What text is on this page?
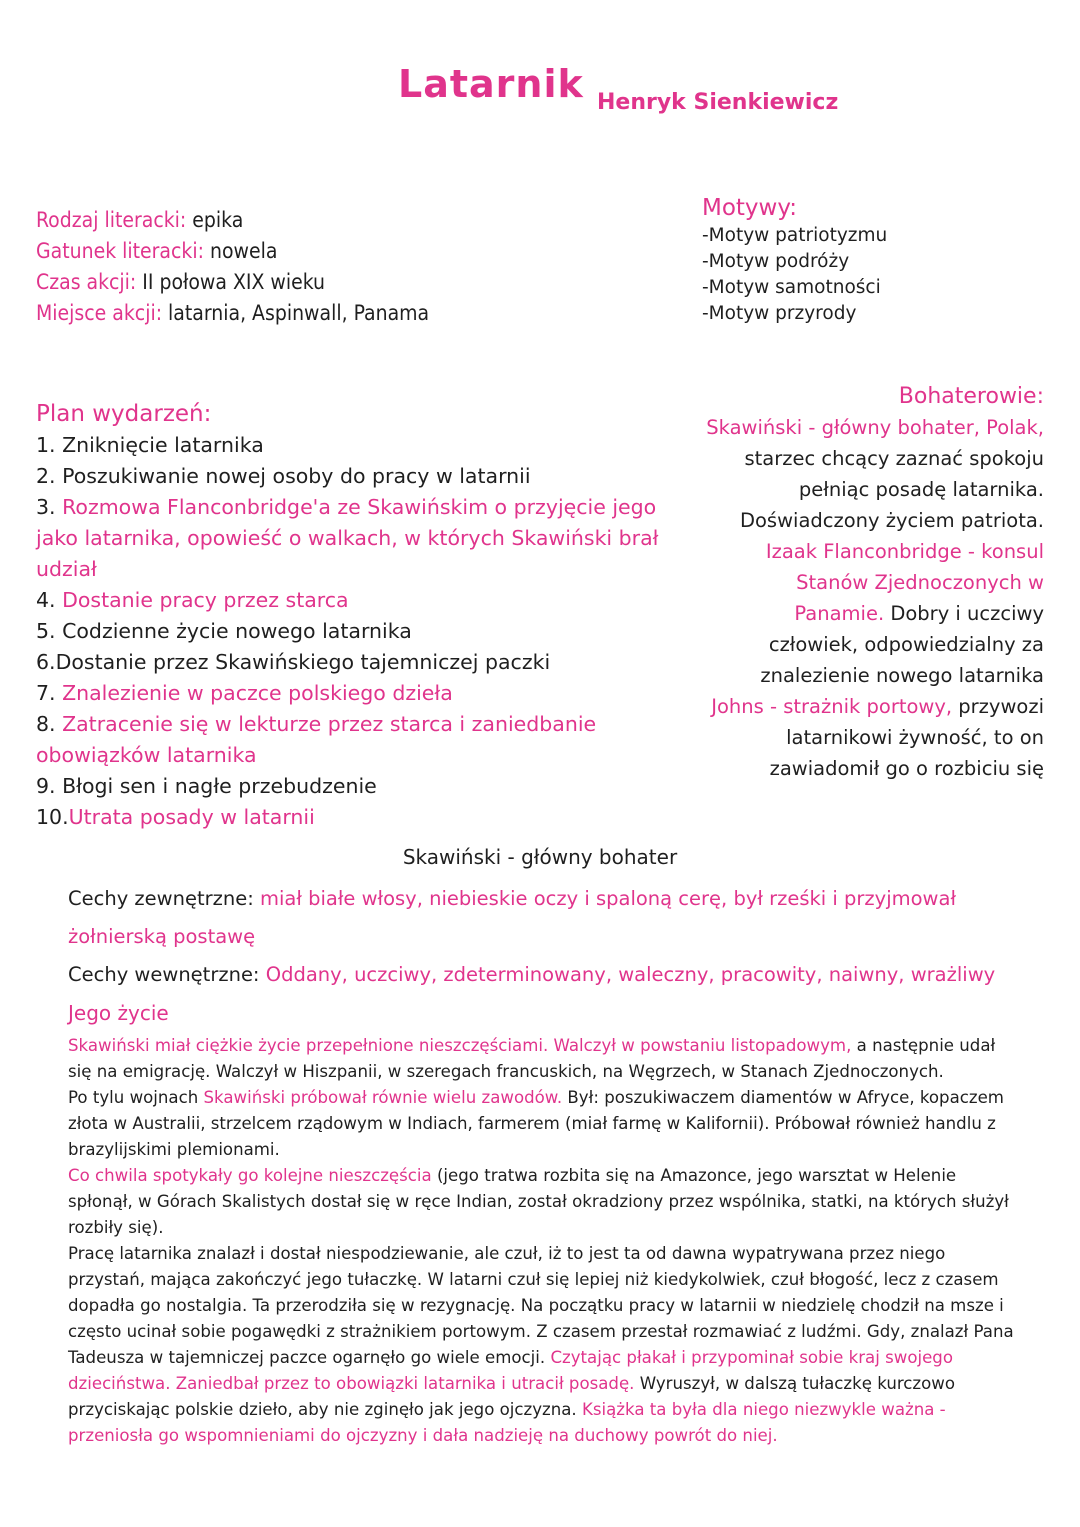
Latarnik Henryk Sienkiewicz
Rodzaj literacki: epika
Gatunek literacki: nowela
Czas akcji: II połowa XIX wieku
Miejsce akcji: latarnia, Aspinwall, Panama
Motywy:
-Motyw patriotyzmu
-Motyw podróży
-Motyw samotności
-Motyw przyrody
Plan wydarzeń:
1. Zniknięcie latarnika
2. Poszukiwanie nowej osoby do pracy w latarnii
3. Rozmowa Flanconbridge'a ze Skawińskim o przyjęcie jego jako latarnika, opowieść o walkach, w których Skawiński brał udział
4. Dostanie pracy przez starca
5. Codzienne życie nowego latarnika
6.Dostanie przez Skawińskiego tajemniczej paczki
7. Znalezienie w paczce polskiego dzieła
8. Zatracenie się w lekturze przez starca i zaniedbanie obowiązków latarnika
9. Błogi sen i nagłe przebudzenie
10.Utrata posady w latarnii
Bohaterowie:
Skawiński - główny bohater, Polak, starzec chcący zaznać spokoju pełniąc posadę latarnika. Doświadczony życiem patriota.
Izaak Flanconbridge - konsul Stanów Zjednoczonych w Panamie. Dobry i uczciwy człowiek, odpowiedzialny za znalezienie nowego latarnika
Johns - strażnik portowy, przywozi latarnikowi żywność, to on zawiadomił go o rozbiciu się
Skawiński - główny bohater
Cechy zewnętrzne: miał białe włosy, niebieskie oczy i spaloną cerę, był rześki i przyjmował żołnierską postawę
Cechy wewnętrzne: Oddany, uczciwy, zdeterminowany, waleczny, pracowity, naiwny, wrażliwy
Jego życie

Skawiński miał ciężkie życie przepełnione nieszczęściami. Walczył w powstaniu listopadowym, a następnie udał się na emigrację. Walczył w Hiszpanii, w szeregach francuskich, na Węgrzech, w Stanach Zjednoczonych.

Po tylu wojnach Skawiński próbował równie wielu zawodów. Był: poszukiwaczem diamentów w Afryce, kopaczem złota w Australii, strzelcem rządowym w Indiach, farmerem (miał farmę w Kalifornii). Próbował również handlu z brazylijskimi plemionami.

Co chwila spotykały go kolejne nieszczęścia (jego tratwa rozbita się na Amazonce, jego warsztat w Helenie spłonął, w Górach Skalistych dostał się w ręce Indian, został okradziony przez wspólnika, statki, na których służył rozbiły się).

Pracę latarnika znalazł i dostał niespodziewanie, ale czuł, iż to jest ta od dawna wypatrywana przez niego przystań, mająca zakończyć jego tułaczkę. W latarni czuł się lepiej niż kiedykolwiek, czuł błogość, lecz z czasem dopadła go nostalgia. Ta przerodziła się w rezygnację. Na początku pracy w latarnii w niedzielę chodził na msze i często ucinał sobie pogawędki z strażnikiem portowym. Z czasem przestał rozmawiać z ludźmi. Gdy, znalazł Pana Tadeusza w tajemniczej paczce ogarnęło go wiele emocji. Czytając płakał i przypominał sobie kraj swojego dzieciństwa. Zaniedbał przez to obowiązki latarnika i utracił posadę. Wyruszył, w dalszą tułaczkę kurczowo przyciskając polskie dzieło, aby nie zginęło jak jego ojczyzna. Książka ta była dla niego niezwykle ważna - przeniosła go wspomnieniami do ojczyzny i dała nadzieję na duchowy powrót do niej.
